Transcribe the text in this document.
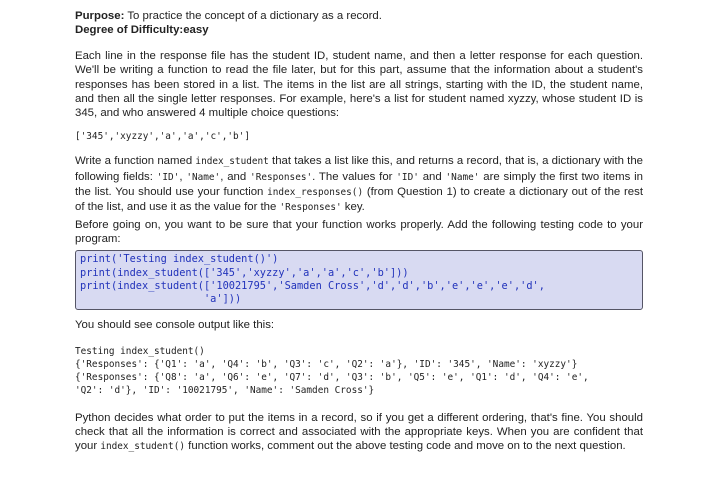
Purpose: To practice the concept of a dictionary as a record.
Degree of Difficulty:easy

Each line in the response file has the student ID, student name, and then a letter response for each question. We'll be writing a function to read the file later, but for this part, assume that the information about a student's responses has been stored in a list. The items in the list are all strings, starting with the ID, the student name, and then all the single letter responses. For example, here's a list for student named xyzzy, whose student ID is 345, and who answered 4 multiple choice questions:

['345','xyzzy','a','a','c','b']

Write a function named index_student that takes a list like this, and returns a record, that is, a dictionary with the following fields: 'ID', 'Name', and 'Responses'. The values for 'ID' and 'Name' are simply the first two items in the list. You should use your function index_responses() (from Question 1) to create a dictionary out of the rest of the list, and use it as the value for the 'Responses' key.

Before going on, you want to be sure that your function works properly. Add the following testing code to your program:

print('Testing index_student()')
print(index_student(['345','xyzzy','a','a','c','b']))
print(index_student(['10021795','Samden Cross','d','d','b','e','e','e','d',
'a']))

You should see console output like this:

Testing index_student()
{'Responses': {'Q1': 'a', 'Q4': 'b', 'Q3': 'c', 'Q2': 'a'}, 'ID': '345', 'Name': 'xyzzy'}
{'Responses': {'Q8': 'a', 'Q6': 'e', 'Q7': 'd', 'Q3': 'b', 'Q5': 'e', 'Q1': 'd', 'Q4': 'e',
'Q2': 'd'}, 'ID': '10021795', 'Name': 'Samden Cross'}

Python decides what order to put the items in a record, so if you get a different ordering, that's fine. You should check that all the information is correct and associated with the appropriate keys. When you are confident that your index_student() function works, comment out the above testing code and move on to the next question.
